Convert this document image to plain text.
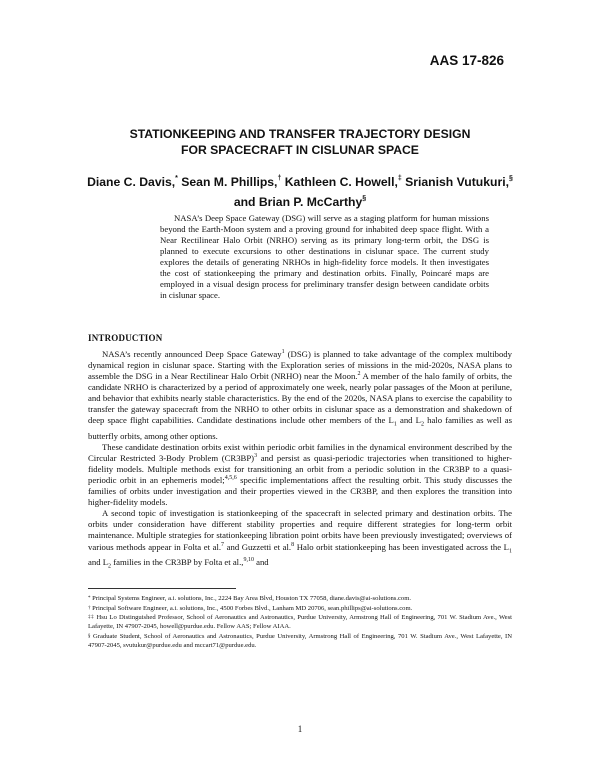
AAS 17-826
STATIONKEEPING AND TRANSFER TRAJECTORY DESIGN
FOR SPACECRAFT IN CISLUNAR SPACE
Diane C. Davis,* Sean M. Phillips,† Kathleen C. Howell,‡ Srianish Vutukuri,§
and Brian P. McCarthy§

NASA’s Deep Space Gateway (DSG) will serve as a staging platform for human missions beyond the Earth-Moon system and a proving ground for inhabited deep space flight. With a Near Rectilinear Halo Orbit (NRHO) serving as its primary long-term orbit, the DSG is planned to execute excursions to other destinations in cislunar space. The current study explores the details of generating NRHOs in high-fidelity force models. It then investigates the cost of stationkeeping the primary and destination orbits. Finally, Poincaré maps are employed in a visual design process for preliminary transfer design between candidate orbits in cislunar space.

INTRODUCTION

NASA’s recently announced Deep Space Gateway$^1$ (DSG) is planned to take advantage of the complex multibody dynamical region in cislunar space. Starting with the Exploration series of missions in the mid-2020s, NASA plans to assemble the DSG in a Near Rectilinear Halo Orbit (NRHO) near the Moon.$^2$ A member of the halo family of orbits, the candidate NRHO is characterized by a period of approximately one week, nearly polar passages of the Moon at perilune, and behavior that exhibits nearly stable characteristics. By the end of the 2020s, NASA plans to exercise the capability to transfer the gateway spacecraft from the NRHO to other orbits in cislunar space as a demonstration and shakedown of deep space flight capabilities. Candidate destinations include other members of the $L_1$ and $L_2$ halo families as well as butterfly orbits, among other options.

These candidate destination orbits exist within periodic orbit families in the dynamical environment described by the Circular Restricted 3-Body Problem (CR3BP)$^3$ and persist as quasi-periodic trajectories when transitioned to higher-fidelity models. Multiple methods exist for transitioning an orbit from a periodic solution in the CR3BP to a quasi-periodic orbit in an ephemeris model;$^{4,5,6}$ specific implementations affect the resulting orbit. This study discusses the families of orbits under investigation and their properties viewed in the CR3BP, and then explores the transition into higher-fidelity models.

A second topic of investigation is stationkeeping of the spacecraft in selected primary and destination orbits. The orbits under consideration have different stability properties and require different strategies for long-term orbit maintenance. Multiple strategies for stationkeeping libration point orbits have been previously investigated; overviews of various methods appear in Folta et al.$^7$ and Guzzetti et al.$^8$ Halo orbit stationkeeping has been investigated across the $L_1$ and $L_2$ families in the CR3BP by Folta et al.,$^{9,10}$ and

* Principal Systems Engineer, a.i. solutions, Inc., 2224 Bay Area Blvd, Houston TX 77058, diane.davis@ai-solutions.com.

† Principal Software Engineer, a.i. solutions, Inc., 4500 Forbes Blvd., Lanham MD 20706, sean.phillips@ai-solutions.com.

‡‡ Hsu Lo Distinguished Professor, School of Aeronautics and Astronautics, Purdue University, Armstrong Hall of Engineering, 701 W. Stadium Ave., West Lafayette, IN 47907-2045, howell@purdue.edu. Fellow AAS; Fellow AIAA.

§ Graduate Student, School of Aeronautics and Astronautics, Purdue University, Armstrong Hall of Engineering, 701 W. Stadium Ave., West Lafayette, IN 47907-2045, svutukur@purdue.edu and mccart71@purdue.edu.

1
